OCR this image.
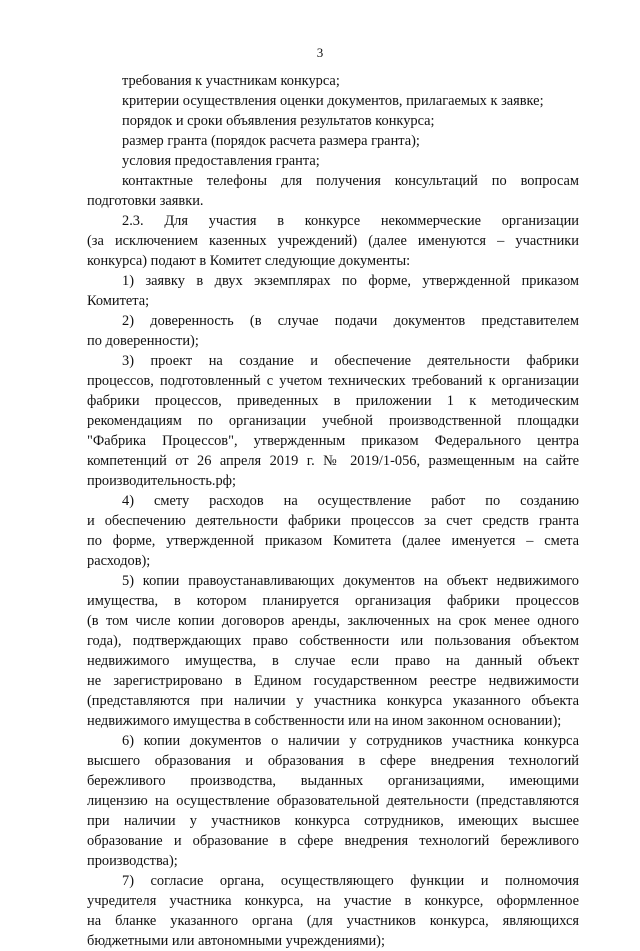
3
требования к участникам конкурса;
критерии осуществления оценки документов, прилагаемых к заявке;
порядок и сроки объявления результатов конкурса;
размер гранта (порядок расчета размера гранта);
условия предоставления гранта;
контактные телефоны для получения консультаций по вопросам
подготовки заявки.
2.3. Для участия в конкурсе некоммерческие организации
(за исключением казенных учреждений) (далее именуются – участники
конкурса) подают в Комитет следующие документы:
1) заявку в двух экземплярах по форме, утвержденной приказом
Комитета;
2) доверенность (в случае подачи документов представителем
по доверенности);
3) проект на создание и обеспечение деятельности фабрики
процессов, подготовленный с учетом технических требований к организации
фабрики процессов, приведенных в приложении 1 к методическим
рекомендациям по организации учебной производственной площадки
"Фабрика Процессов", утвержденным приказом Федерального центра
компетенций от 26 апреля 2019 г. № 2019/1-056, размещенным на сайте
производительность.рф;
4) смету расходов на осуществление работ по созданию
и обеспечению деятельности фабрики процессов за счет средств гранта
по форме, утвержденной приказом Комитета (далее именуется – смета
расходов);
5) копии правоустанавливающих документов на объект недвижимого
имущества, в котором планируется организация фабрики процессов
(в том числе копии договоров аренды, заключенных на срок менее одного
года), подтверждающих право собственности или пользования объектом
недвижимого имущества, в случае если право на данный объект
не зарегистрировано в Едином государственном реестре недвижимости
(представляются при наличии у участника конкурса указанного объекта
недвижимого имущества в собственности или на ином законном основании);
6) копии документов о наличии у сотрудников участника конкурса
высшего образования и образования в сфере внедрения технологий
бережливого производства, выданных организациями, имеющими
лицензию на осуществление образовательной деятельности (представляются
при наличии у участников конкурса сотрудников, имеющих высшее
образование и образование в сфере внедрения технологий бережливого
производства);
7) согласие органа, осуществляющего функции и полномочия
учредителя участника конкурса, на участие в конкурсе, оформленное
на бланке указанного органа (для участников конкурса, являющихся
бюджетными или автономными учреждениями);
